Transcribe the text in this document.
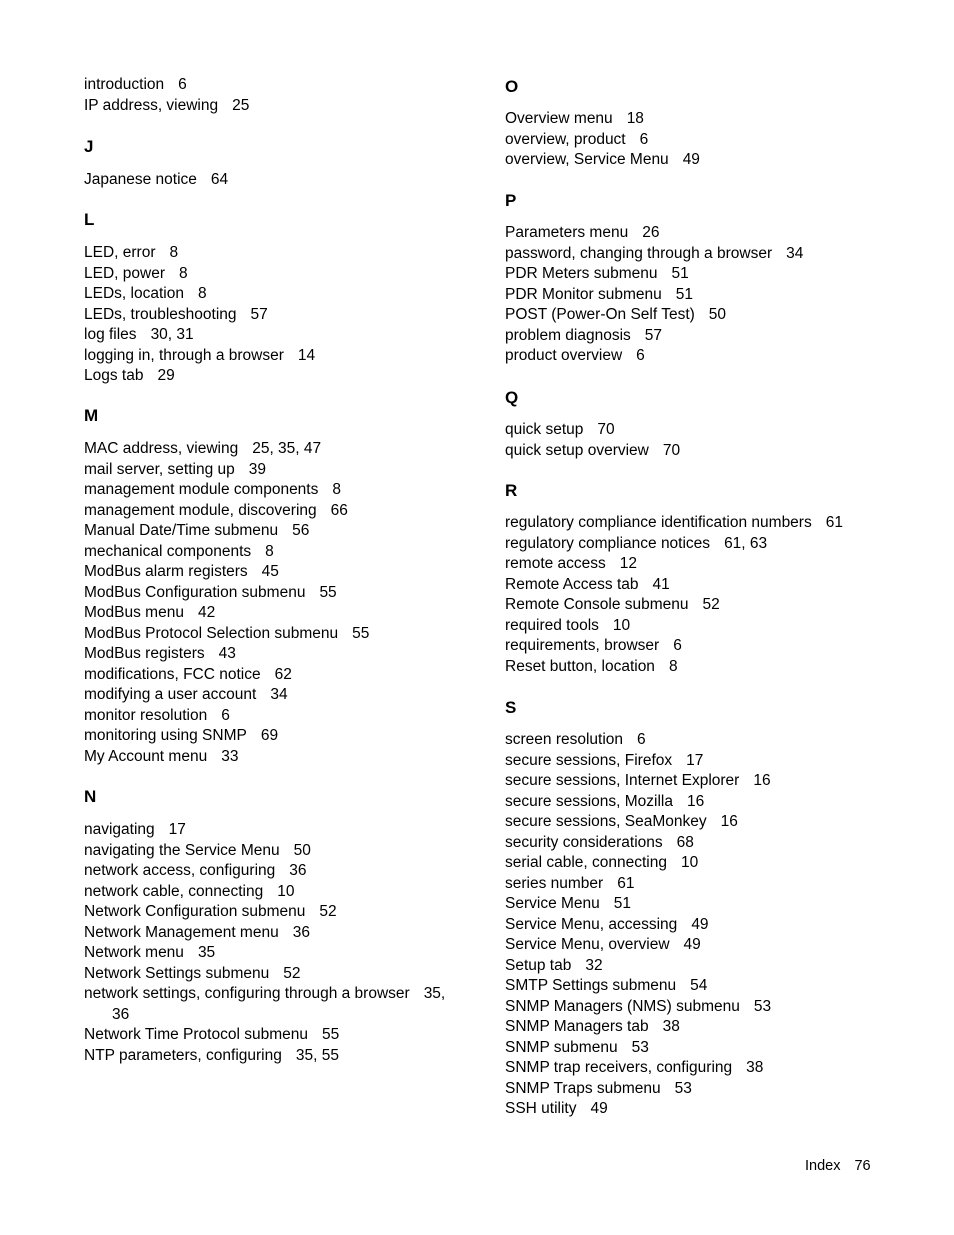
introduction 6
IP address, viewing 25
J
Japanese notice 64
L
LED, error 8
LED, power 8
LEDs, location 8
LEDs, troubleshooting 57
log files 30, 31
logging in, through a browser 14
Logs tab 29
M
MAC address, viewing 25, 35, 47
mail server, setting up 39
management module components 8
management module, discovering 66
Manual Date/Time submenu 56
mechanical components 8
ModBus alarm registers 45
ModBus Configuration submenu 55
ModBus menu 42
ModBus Protocol Selection submenu 55
ModBus registers 43
modifications, FCC notice 62
modifying a user account 34
monitor resolution 6
monitoring using SNMP 69
My Account menu 33
N
navigating 17
navigating the Service Menu 50
network access, configuring 36
network cable, connecting 10
Network Configuration submenu 52
Network Management menu 36
Network menu 35
Network Settings submenu 52
network settings, configuring through a browser 35,
36
Network Time Protocol submenu 55
NTP parameters, configuring 35, 55
O
Overview menu 18
overview, product 6
overview, Service Menu 49
P
Parameters menu 26
password, changing through a browser 34
PDR Meters submenu 51
PDR Monitor submenu 51
POST (Power-On Self Test) 50
problem diagnosis 57
product overview 6
Q
quick setup 70
quick setup overview 70
R
regulatory compliance identification numbers 61
regulatory compliance notices 61, 63
remote access 12
Remote Access tab 41
Remote Console submenu 52
required tools 10
requirements, browser 6
Reset button, location 8
S
screen resolution 6
secure sessions, Firefox 17
secure sessions, Internet Explorer 16
secure sessions, Mozilla 16
secure sessions, SeaMonkey 16
security considerations 68
serial cable, connecting 10
series number 61
Service Menu 51
Service Menu, accessing 49
Service Menu, overview 49
Setup tab 32
SMTP Settings submenu 54
SNMP Managers (NMS) submenu 53
SNMP Managers tab 38
SNMP submenu 53
SNMP trap receivers, configuring 38
SNMP Traps submenu 53
SSH utility 49
Index 76
